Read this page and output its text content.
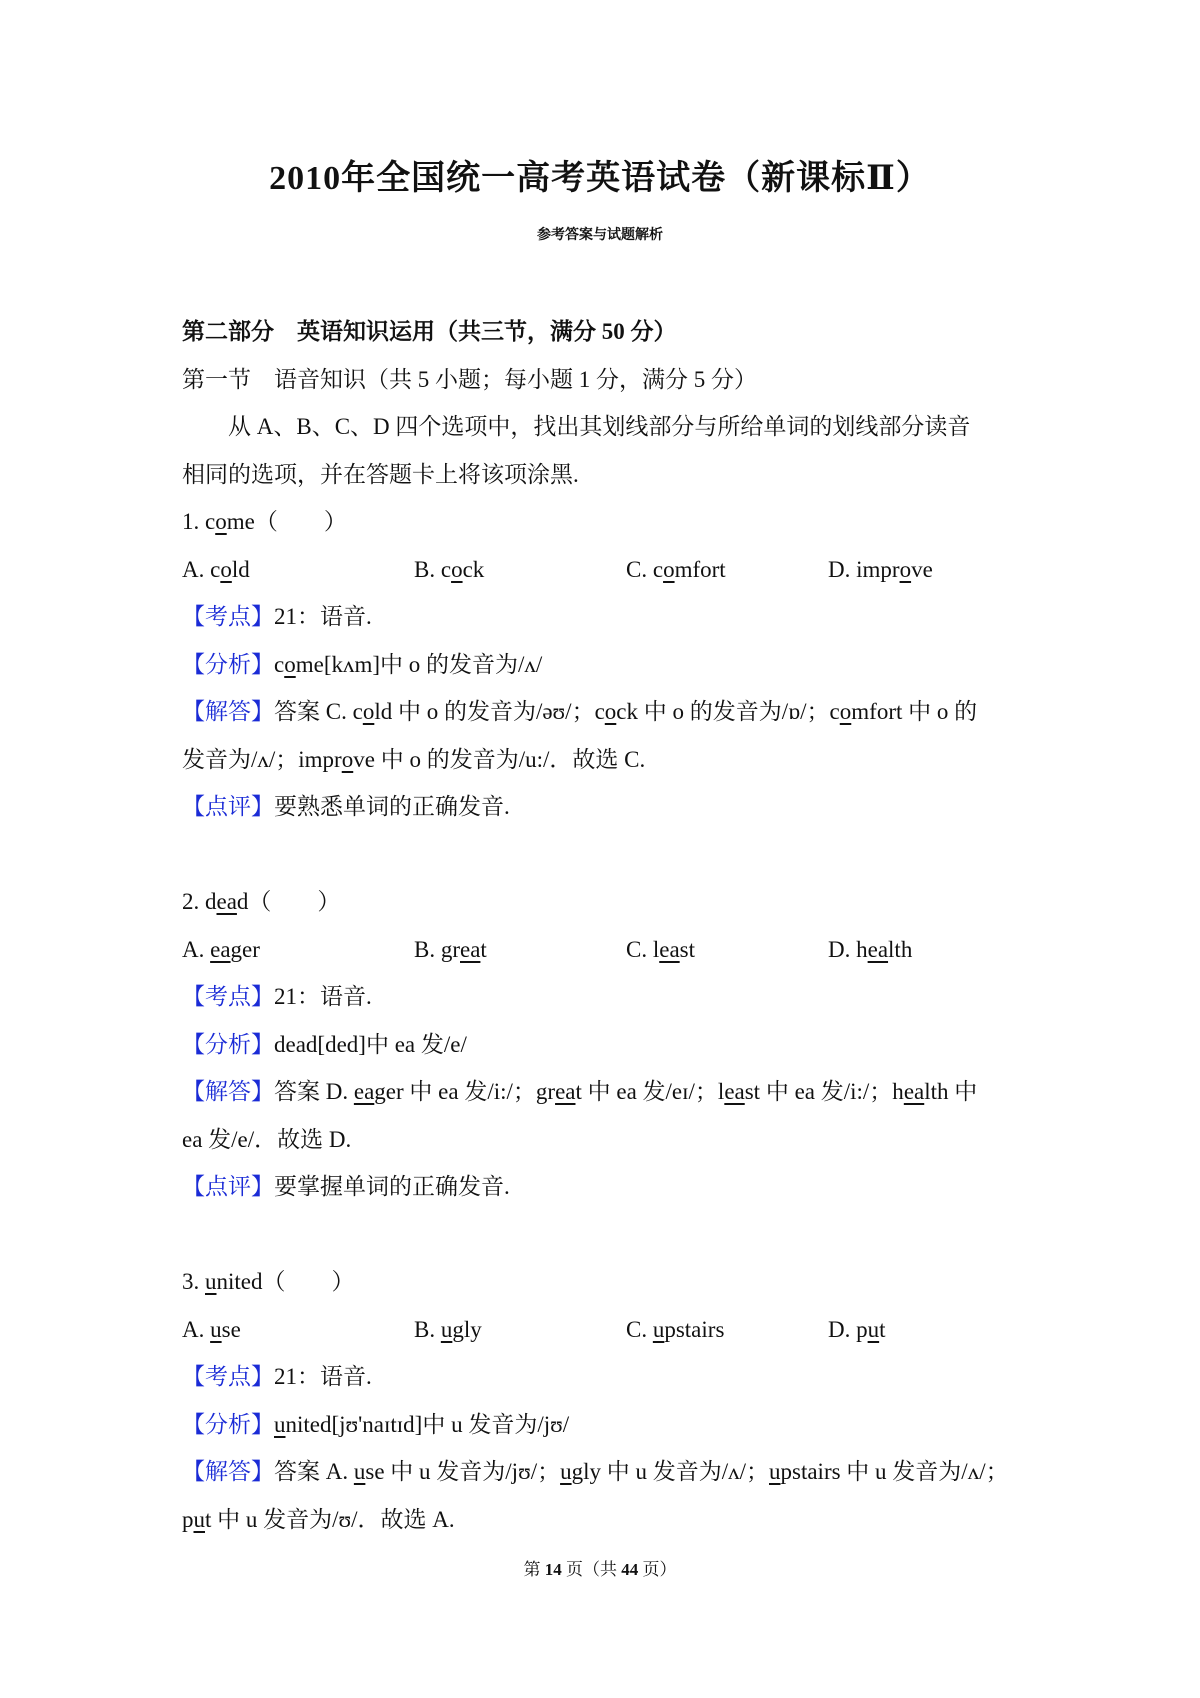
2010年全国统一高考英语试卷（新课标Ⅱ）
参考答案与试题解析
第二部分　英语知识运用（共三节，满分 50 分）
第一节　语音知识（共 5 小题；每小题 1 分，满分 5 分）
从 A、B、C、D 四个选项中，找出其划线部分与所给单词的划线部分读音
相同的选项，并在答题卡上将该项涂黑.
1. come（　　）
A. cold	B. cock	C. comfort	D. improve
【考点】21：语音.
【分析】come[kʌm]中 o 的发音为/ʌ/
【解答】答案 C. cold 中 o 的发音为/əʊ/；cock 中 o 的发音为/ɒ/；comfort 中 o 的
发音为/ʌ/；improve 中 o 的发音为/u:/．故选 C.
【点评】要熟悉单词的正确发音.
2. dead（　　）
A. eager	B. great	C. least	D. health
【考点】21：语音.
【分析】dead[ded]中 ea 发/e/
【解答】答案 D. eager 中 ea 发/i:/；great 中 ea 发/eɪ/；least 中 ea 发/i:/；health 中
ea 发/e/．故选 D.
【点评】要掌握单词的正确发音.
3. united（　　）
A. use	B. ugly	C. upstairs	D. put
【考点】21：语音.
【分析】united[jʊ'naɪtɪd]中 u 发音为/jʊ/
【解答】答案 A. use 中 u 发音为/jʊ/；ugly 中 u 发音为/ʌ/；upstairs 中 u 发音为/ʌ/；
put 中 u 发音为/ʊ/．故选 A.
第 14 页（共 44 页）
